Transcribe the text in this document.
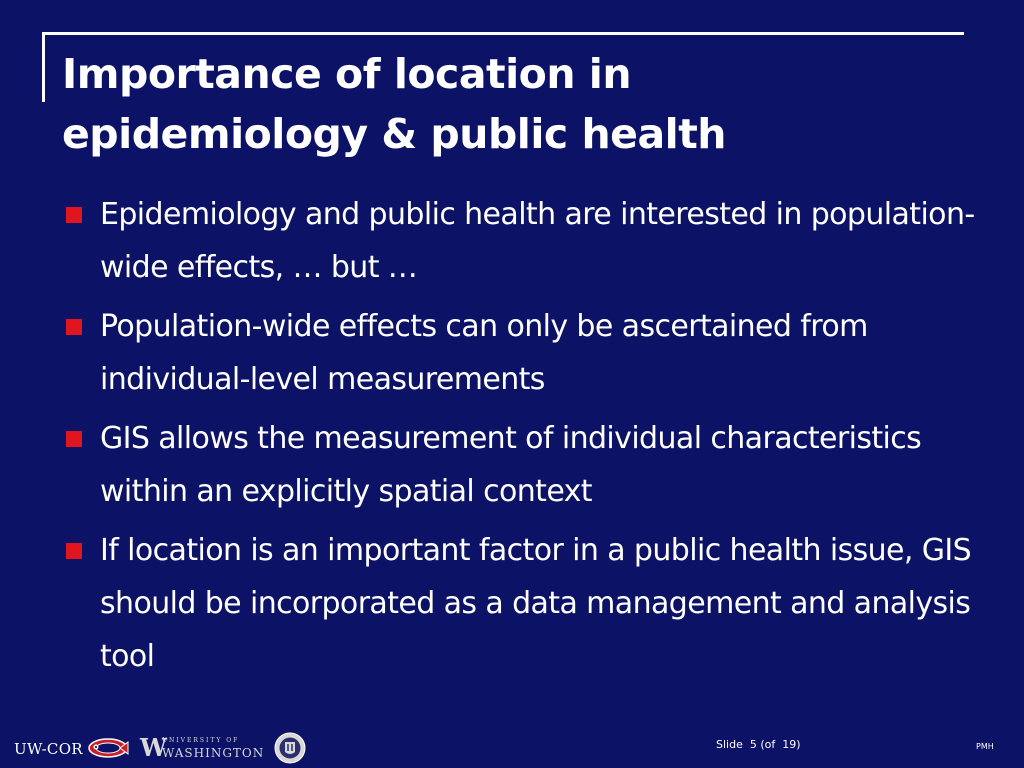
Importance of location in
epidemiology & public health
Epidemiology and public health are interested in population-wide effects, … but …
Population-wide effects can only be ascertained from individual-level measurements
GIS allows the measurement of individual characteristics within an explicitly spatial context
If location is an important factor in a public health issue, GIS should be incorporated as a data management and analysis tool
UW-COR W
UNIVERSITY OF
WASHINGTON
Slide  5 (of  19)	PMH
